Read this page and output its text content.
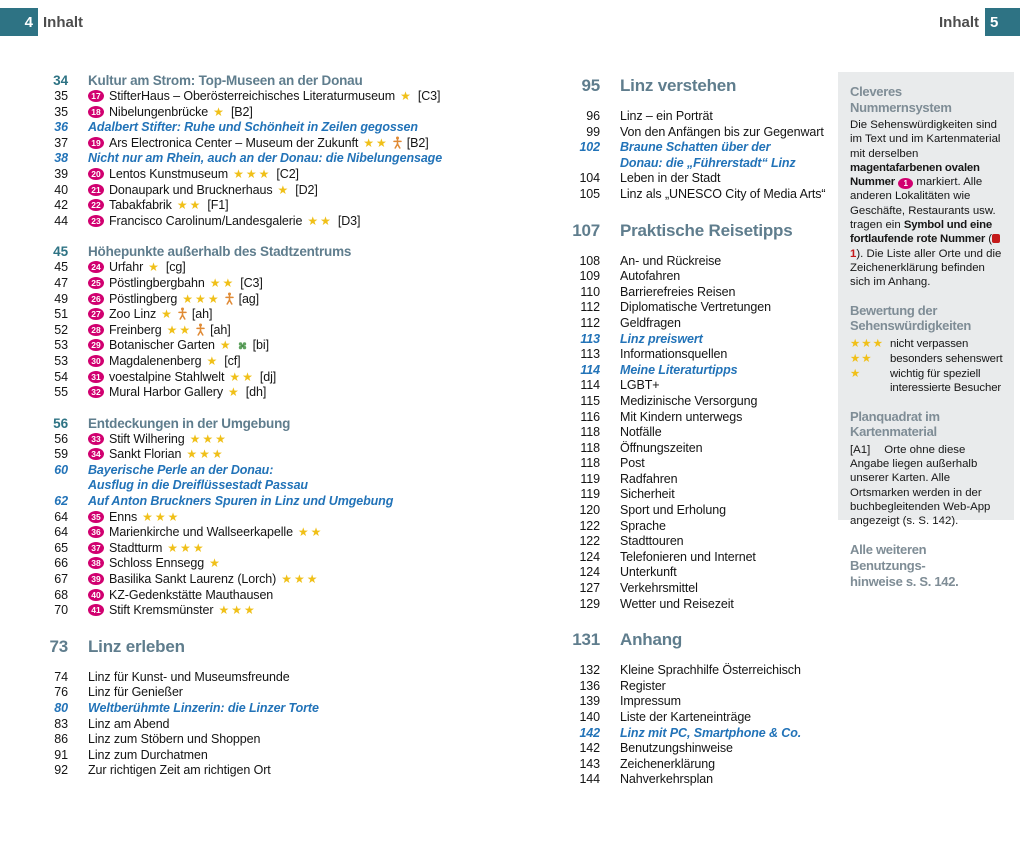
4 Inhalt	Inhalt 5
34 Kultur am Strom: Top-Museen an der Donau
35	17 StifterHaus – Oberösterreichisches Literaturmuseum ★ [C3]
35	18 Nibelungenbrücke ★ [B2]
36 Adalbert Stifter: Ruhe und Schönheit in Zeilen gegossen
37	19 Ars Electronica Center – Museum der Zukunft ★★ [B2]
38 Nicht nur am Rhein, auch an der Donau: die Nibelungensage
39	20 Lentos Kunstmuseum ★★★ [C2]
40	21 Donaupark und Brucknerhaus ★ [D2]
42	22 Tabakfabrik ★★ [F1]
44	23 Francisco Carolinum/Landesgalerie ★★ [D3]
45 Höhepunkte außerhalb des Stadtzentrums
45	24 Urfahr ★ [cg]
47	25 Pöstlingbergbahn ★★ [C3]
49	26 Pöstlingberg ★★★ [ag]
51	27 Zoo Linz ★ [ah]
52	28 Freinberg ★★ [ah]
53	29 Botanischer Garten ★ [bi]
53	30 Magdalenenberg ★ [cf]
54	31 voestalpine Stahlwelt ★★ [dj]
55	32 Mural Harbor Gallery ★ [dh]
56 Entdeckungen in der Umgebung
56	33 Stift Wilhering ★★★
59	34 Sankt Florian ★★★
60 Bayerische Perle an der Donau:
Ausflug in die Dreiflüssestadt Passau
62 Auf Anton Bruckners Spuren in Linz und Umgebung
64	35 Enns ★★★
64	36 Marienkirche und Wallseerkapelle ★★
65	37 Stadtturm ★★★
66	38 Schloss Ennsegg ★
67	39 Basilika Sankt Laurenz (Lorch) ★★★
68	40 KZ-Gedenkstätte Mauthausen
70	41 Stift Kremsmünster ★★★
73 Linz erleben
74 Linz für Kunst- und Museumsfreunde
76 Linz für Genießer
80 Weltberühmte Linzerin: die Linzer Torte
83 Linz am Abend
86 Linz zum Stöbern und Shoppen
91 Linz zum Durchatmen
92 Zur richtigen Zeit am richtigen Ort
95 Linz verstehen
96 Linz – ein Porträt
99 Von den Anfängen bis zur Gegenwart
102 Braune Schatten über der
Donau: die „Führerstadt“ Linz
104 Leben in der Stadt
105 Linz als „UNESCO City of Media Arts“
107 Praktische Reisetipps
108 An- und Rückreise
109 Autofahren
110 Barrierefreies Reisen
112 Diplomatische Vertretungen
112 Geldfragen
113 Linz preiswert
113 Informationsquellen
114 Meine Literaturtipps
114 LGBT+
115 Medizinische Versorgung
116 Mit Kindern unterwegs
118 Notfälle
118 Öffnungszeiten
118 Post
119 Radfahren
119 Sicherheit
120 Sport und Erholung
122 Sprache
122 Stadttouren
124 Telefonieren und Internet
124 Unterkunft
127 Verkehrsmittel
129 Wetter und Reisezeit
131 Anhang
132 Kleine Sprachhilfe Österreichisch
136 Register
139 Impressum
140 Liste der Karteneinträge
142 Linz mit PC, Smartphone & Co.
142 Benutzungshinweise
143 Zeichenerklärung
144 Nahverkehrsplan
Cleveres Nummernsystem

Die Sehenswürdigkeiten sind im Text und im Kartenmaterial mit derselben magentafarbenen ovalen Nummer 1 markiert. Alle anderen Lokalitäten wie Geschäfte, Restaurants usw. tragen ein Symbol und eine fortlaufende rote Nummer (1). Die Liste aller Orte und die Zeichenerklärung befinden sich im Anhang.

Bewertung der Sehenswürdigkeiten
★★★ nicht verpassen
★★	besonders sehenswert
★	wichtig für speziell interessierte Besucher
Planquadrat im Kartenmaterial

[A1] Orte ohne diese Angabe liegen außerhalb unserer Karten. Alle Ortsmarken werden in der buchbegleitenden Web-App angezeigt (s. S. 142).

Alle weiteren Benutzungs-
hinweise s. S. 142.
